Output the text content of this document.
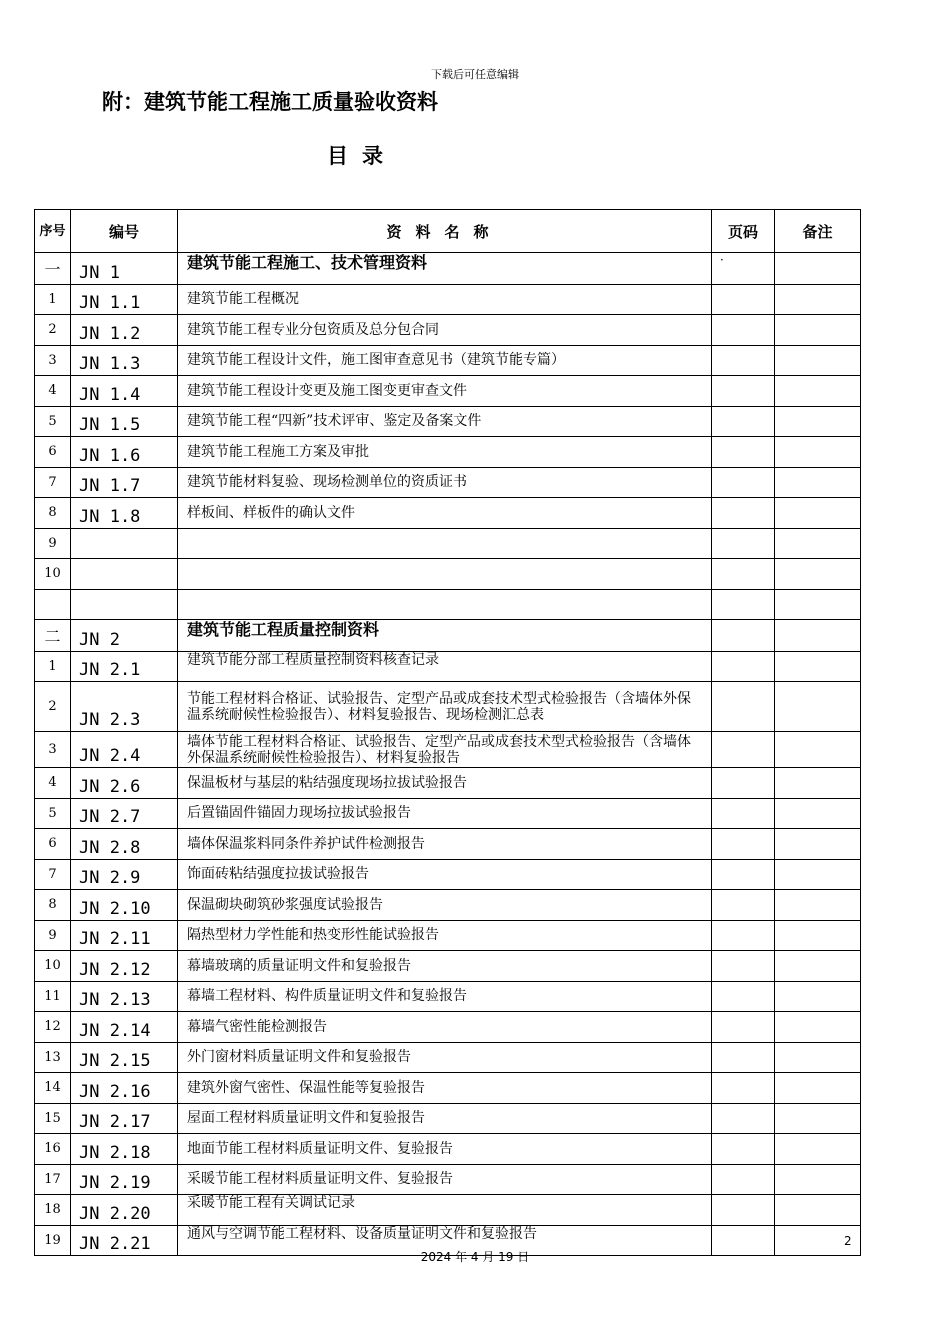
下载后可任意编辑
附：建筑节能工程施工质量验收资料
目录
序号	编号	资料名称	页码	备注
一	JN 1	建筑节能工程施工、技术管理资料	·	
1	JN 1.1	建筑节能工程概况		
2	JN 1.2	建筑节能工程专业分包资质及总分包合同		
3	JN 1.3	建筑节能工程设计文件，施工图审查意见书（建筑节能专篇）		
4	JN 1.4	建筑节能工程设计变更及施工图变更审查文件		
5	JN 1.5	建筑节能工程“四新”技术评审、鉴定及备案文件		
6	JN 1.6	建筑节能工程施工方案及审批		
7	JN 1.7	建筑节能材料复验、现场检测单位的资质证书		
8	JN 1.8	样板间、样板件的确认文件		
9				
10				

二	JN 2	建筑节能工程质量控制资料		
1	JN 2.1	建筑节能分部工程质量控制资料核查记录		
2	JN 2.3	节能工程材料合格证、试验报告、定型产品或成套技术型式检验报告（含墙体外保温系统耐候性检验报告）、材料复验报告、现场检测汇总表		
3	JN 2.4	墙体节能工程材料合格证、试验报告、定型产品或成套技术型式检验报告（含墙体外保温系统耐候性检验报告）、材料复验报告		
4	JN 2.6	保温板材与基层的粘结强度现场拉拔试验报告		
5	JN 2.7	后置锚固件锚固力现场拉拔试验报告		
6	JN 2.8	墙体保温浆料同条件养护试件检测报告		
7	JN 2.9	饰面砖粘结强度拉拔试验报告		
8	JN 2.10	保温砌块砌筑砂浆强度试验报告		
9	JN 2.11	隔热型材力学性能和热变形性能试验报告		
10	JN 2.12	幕墙玻璃的质量证明文件和复验报告		
11	JN 2.13	幕墙工程材料、构件质量证明文件和复验报告		
12	JN 2.14	幕墙气密性能检测报告		
13	JN 2.15	外门窗材料质量证明文件和复验报告		
14	JN 2.16	建筑外窗气密性、保温性能等复验报告		
15	JN 2.17	屋面工程材料质量证明文件和复验报告		
16	JN 2.18	地面节能工程材料质量证明文件、复验报告		
17	JN 2.19	采暖节能工程材料质量证明文件、复验报告		
18	JN 2.20	采暖节能工程有关调试记录		
19	JN 2.21	通风与空调节能工程材料、设备质量证明文件和复验报告			2
2024 年 4 月 19 日
